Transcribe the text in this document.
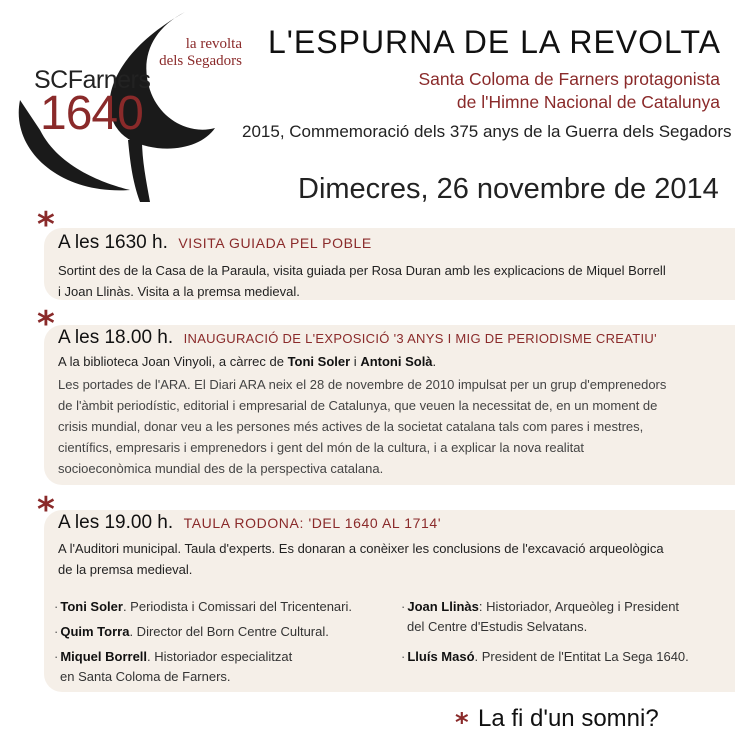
la revolta
dels Segadors
SCFarners
1640
L'ESPURNA DE LA REVOLTA
Santa Coloma de Farners protagonista
de l'Himne Nacional de Catalunya
2015, Commemoració dels 375 anys de la Guerra dels Segadors
Dimecres, 26 novembre de 2014
* A les 1630 h. VISITA GUIADA PEL POBLE
Sortint des de la Casa de la Paraula, visita guiada per Rosa Duran amb les explicacions de Miquel Borrell
i Joan Llinàs. Visita a la premsa medieval.
* A les 18.00 h. INAUGURACIÓ DE L'EXPOSICIÓ '3 ANYS I MIG DE PERIODISME CREATIU'
A la biblioteca Joan Vinyoli, a càrrec de Toni Soler i Antoni Solà.
Les portades de l'ARA. El Diari ARA neix el 28 de novembre de 2010 impulsat per un grup d'emprenedors
de l'àmbit periodístic, editorial i empresarial de Catalunya, que veuen la necessitat de, en un moment de
crisis mundial, donar veu a les persones més actives de la societat catalana tals com pares i mestres,
científics, empresaris i emprenedors i gent del món de la cultura, i a explicar la nova realitat
socioeconòmica mundial des de la perspectiva catalana.
* A les 19.00 h. TAULA RODONA: 'DEL 1640 AL 1714'
A l'Auditori municipal. Taula d'experts. Es donaran a conèixer les conclusions de l'excavació arqueològica
de la premsa medieval.
· Toni Soler. Periodista i Comissari del Tricentenari.
· Quim Torra. Director del Born Centre Cultural.
· Miquel Borrell. Historiador especialitzat
en Santa Coloma de Farners.
· Joan Llinàs: Historiador, Arqueòleg i President
del Centre d'Estudis Selvatans.
· Lluís Masó. President de l'Entitat La Sega 1640.
* La fi d'un somni?
